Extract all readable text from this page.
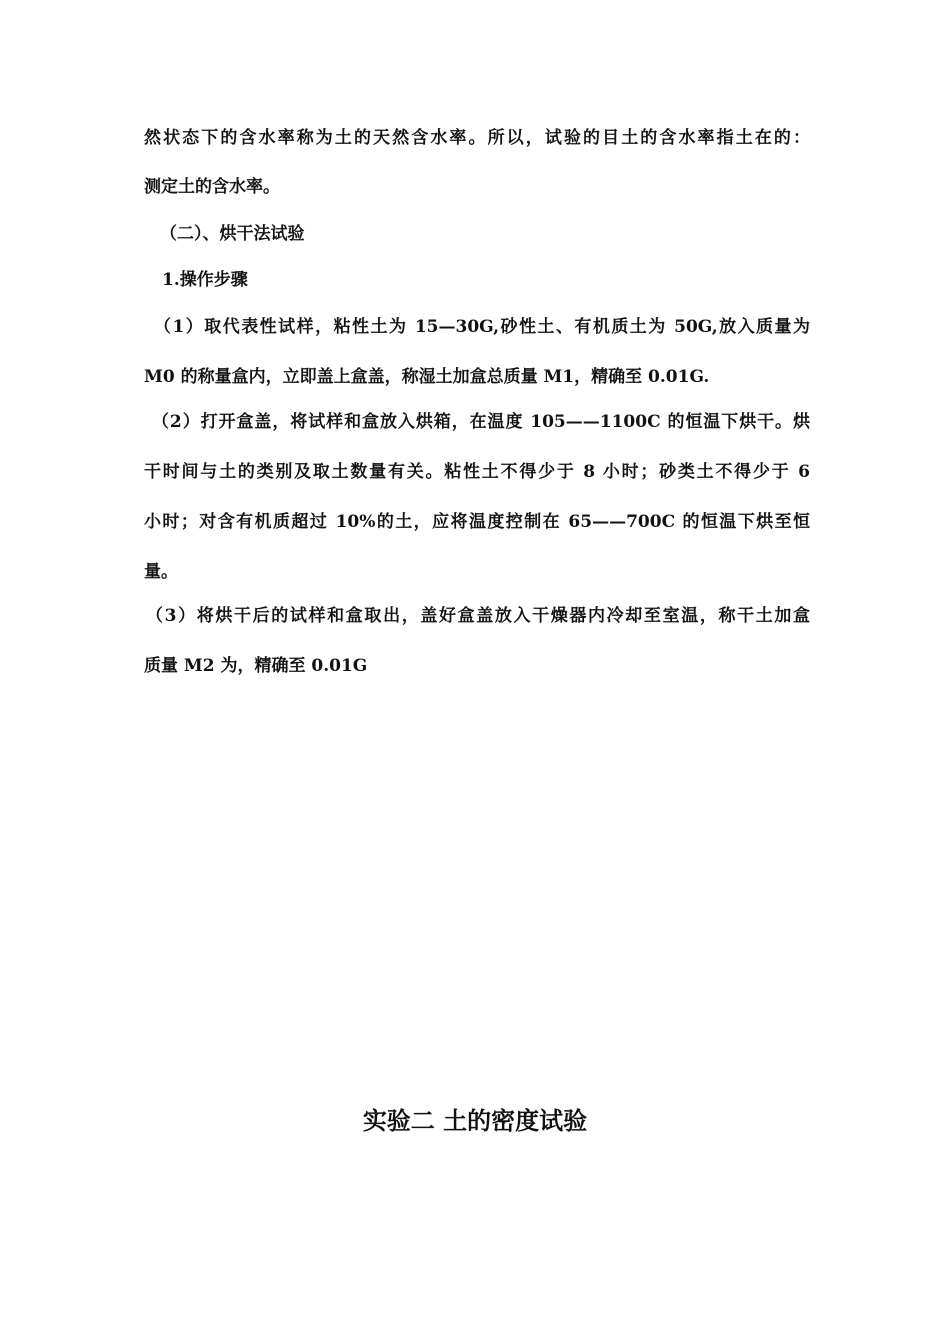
然状态下的含水率称为土的天然含水率。所以，试验的目土的含水率指土在的：
测定土的含水率。
（二）、烘干法试验
1.操作步骤
（1）取代表性试样，粘性土为 15—30G,砂性土、有机质土为 50G,放入质量为
M0 的称量盒内，立即盖上盒盖，称湿土加盒总质量 M1，精确至 0.01G.
（2）打开盒盖，将试样和盒放入烘箱，在温度 105——1100C 的恒温下烘干。烘
干时间与土的类别及取土数量有关。粘性土不得少于 8 小时；砂类土不得少于 6
小时；对含有机质超过 10%的土，应将温度控制在 65——700C 的恒温下烘至恒
量。
（3）将烘干后的试样和盒取出，盖好盒盖放入干燥器内冷却至室温，称干土加盒
质量 M2 为，精确至 0.01G
实验二 土的密度试验
